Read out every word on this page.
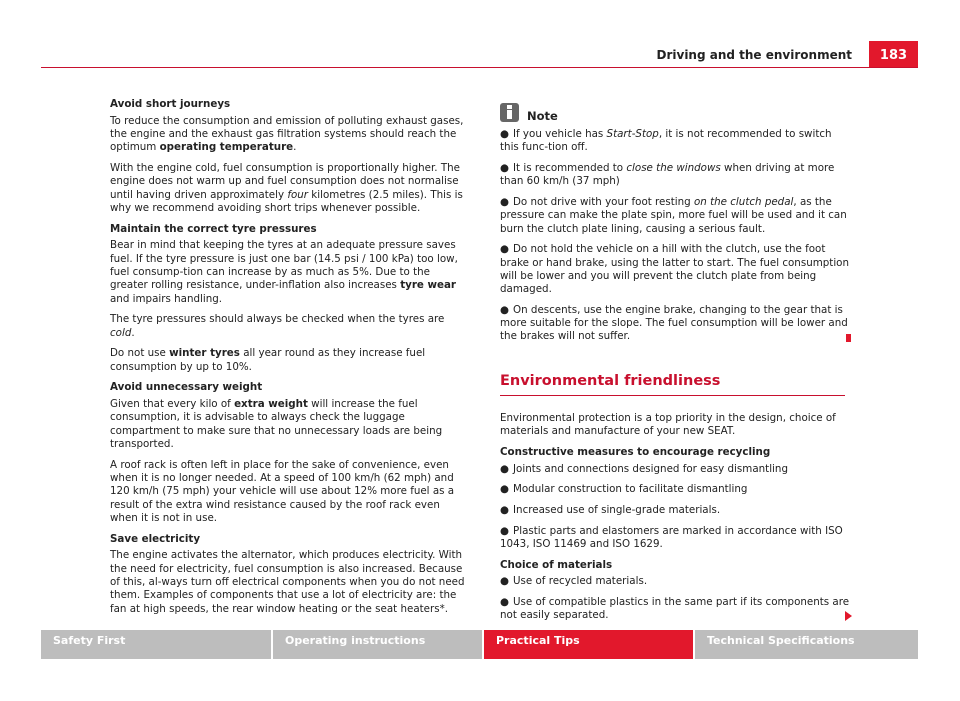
Driving and the environment	183

Avoid short journeys

To reduce the consumption and emission of polluting exhaust gases, the engine and the exhaust gas filtration systems should reach the optimum operating temperature.

With the engine cold, fuel consumption is proportionally higher. The engine does not warm up and fuel consumption does not normalise until having driven approximately four kilometres (2.5 miles). This is why we recommend avoiding short trips whenever possible.

Maintain the correct tyre pressures

Bear in mind that keeping the tyres at an adequate pressure saves fuel. If the tyre pressure is just one bar (14.5 psi / 100 kPa) too low, fuel consump-tion can increase by as much as 5%. Due to the greater rolling resistance, under-inflation also increases tyre wear and impairs handling.

The tyre pressures should always be checked when the tyres are cold.

Do not use winter tyres all year round as they increase fuel consumption by up to 10%.

Avoid unnecessary weight

Given that every kilo of extra weight will increase the fuel consumption, it is advisable to always check the luggage compartment to make sure that no unnecessary loads are being transported.

A roof rack is often left in place for the sake of convenience, even when it is no longer needed. At a speed of 100 km/h (62 mph) and 120 km/h (75 mph) your vehicle will use about 12% more fuel as a result of the extra wind resistance caused by the roof rack even when it is not in use.

Save electricity

The engine activates the alternator, which produces electricity. With the need for electricity, fuel consumption is also increased. Because of this, al-ways turn off electrical components when you do not need them. Examples of components that use a lot of electricity are: the fan at high speeds, the rear window heating or the seat heaters*.

Note

● If you vehicle has Start-Stop, it is not recommended to switch this func-tion off.

● It is recommended to close the windows when driving at more than 60 km/h (37 mph)

● Do not drive with your foot resting on the clutch pedal, as the pressure can make the plate spin, more fuel will be used and it can burn the clutch plate lining, causing a serious fault.

● Do not hold the vehicle on a hill with the clutch, use the foot brake or hand brake, using the latter to start. The fuel consumption will be lower and you will prevent the clutch plate from being damaged.

● On descents, use the engine brake, changing to the gear that is more suitable for the slope. The fuel consumption will be lower and the brakes will not suffer.

Environmental friendliness

Environmental protection is a top priority in the design, choice of materials and manufacture of your new SEAT.

Constructive measures to encourage recycling

● Joints and connections designed for easy dismantling

● Modular construction to facilitate dismantling

● Increased use of single-grade materials.

● Plastic parts and elastomers are marked in accordance with ISO 1043, ISO 11469 and ISO 1629.

Choice of materials

● Use of recycled materials.

● Use of compatible plastics in the same part if its components are not easily separated.

Safety First	Operating instructions	Practical Tips	Technical Specifications
